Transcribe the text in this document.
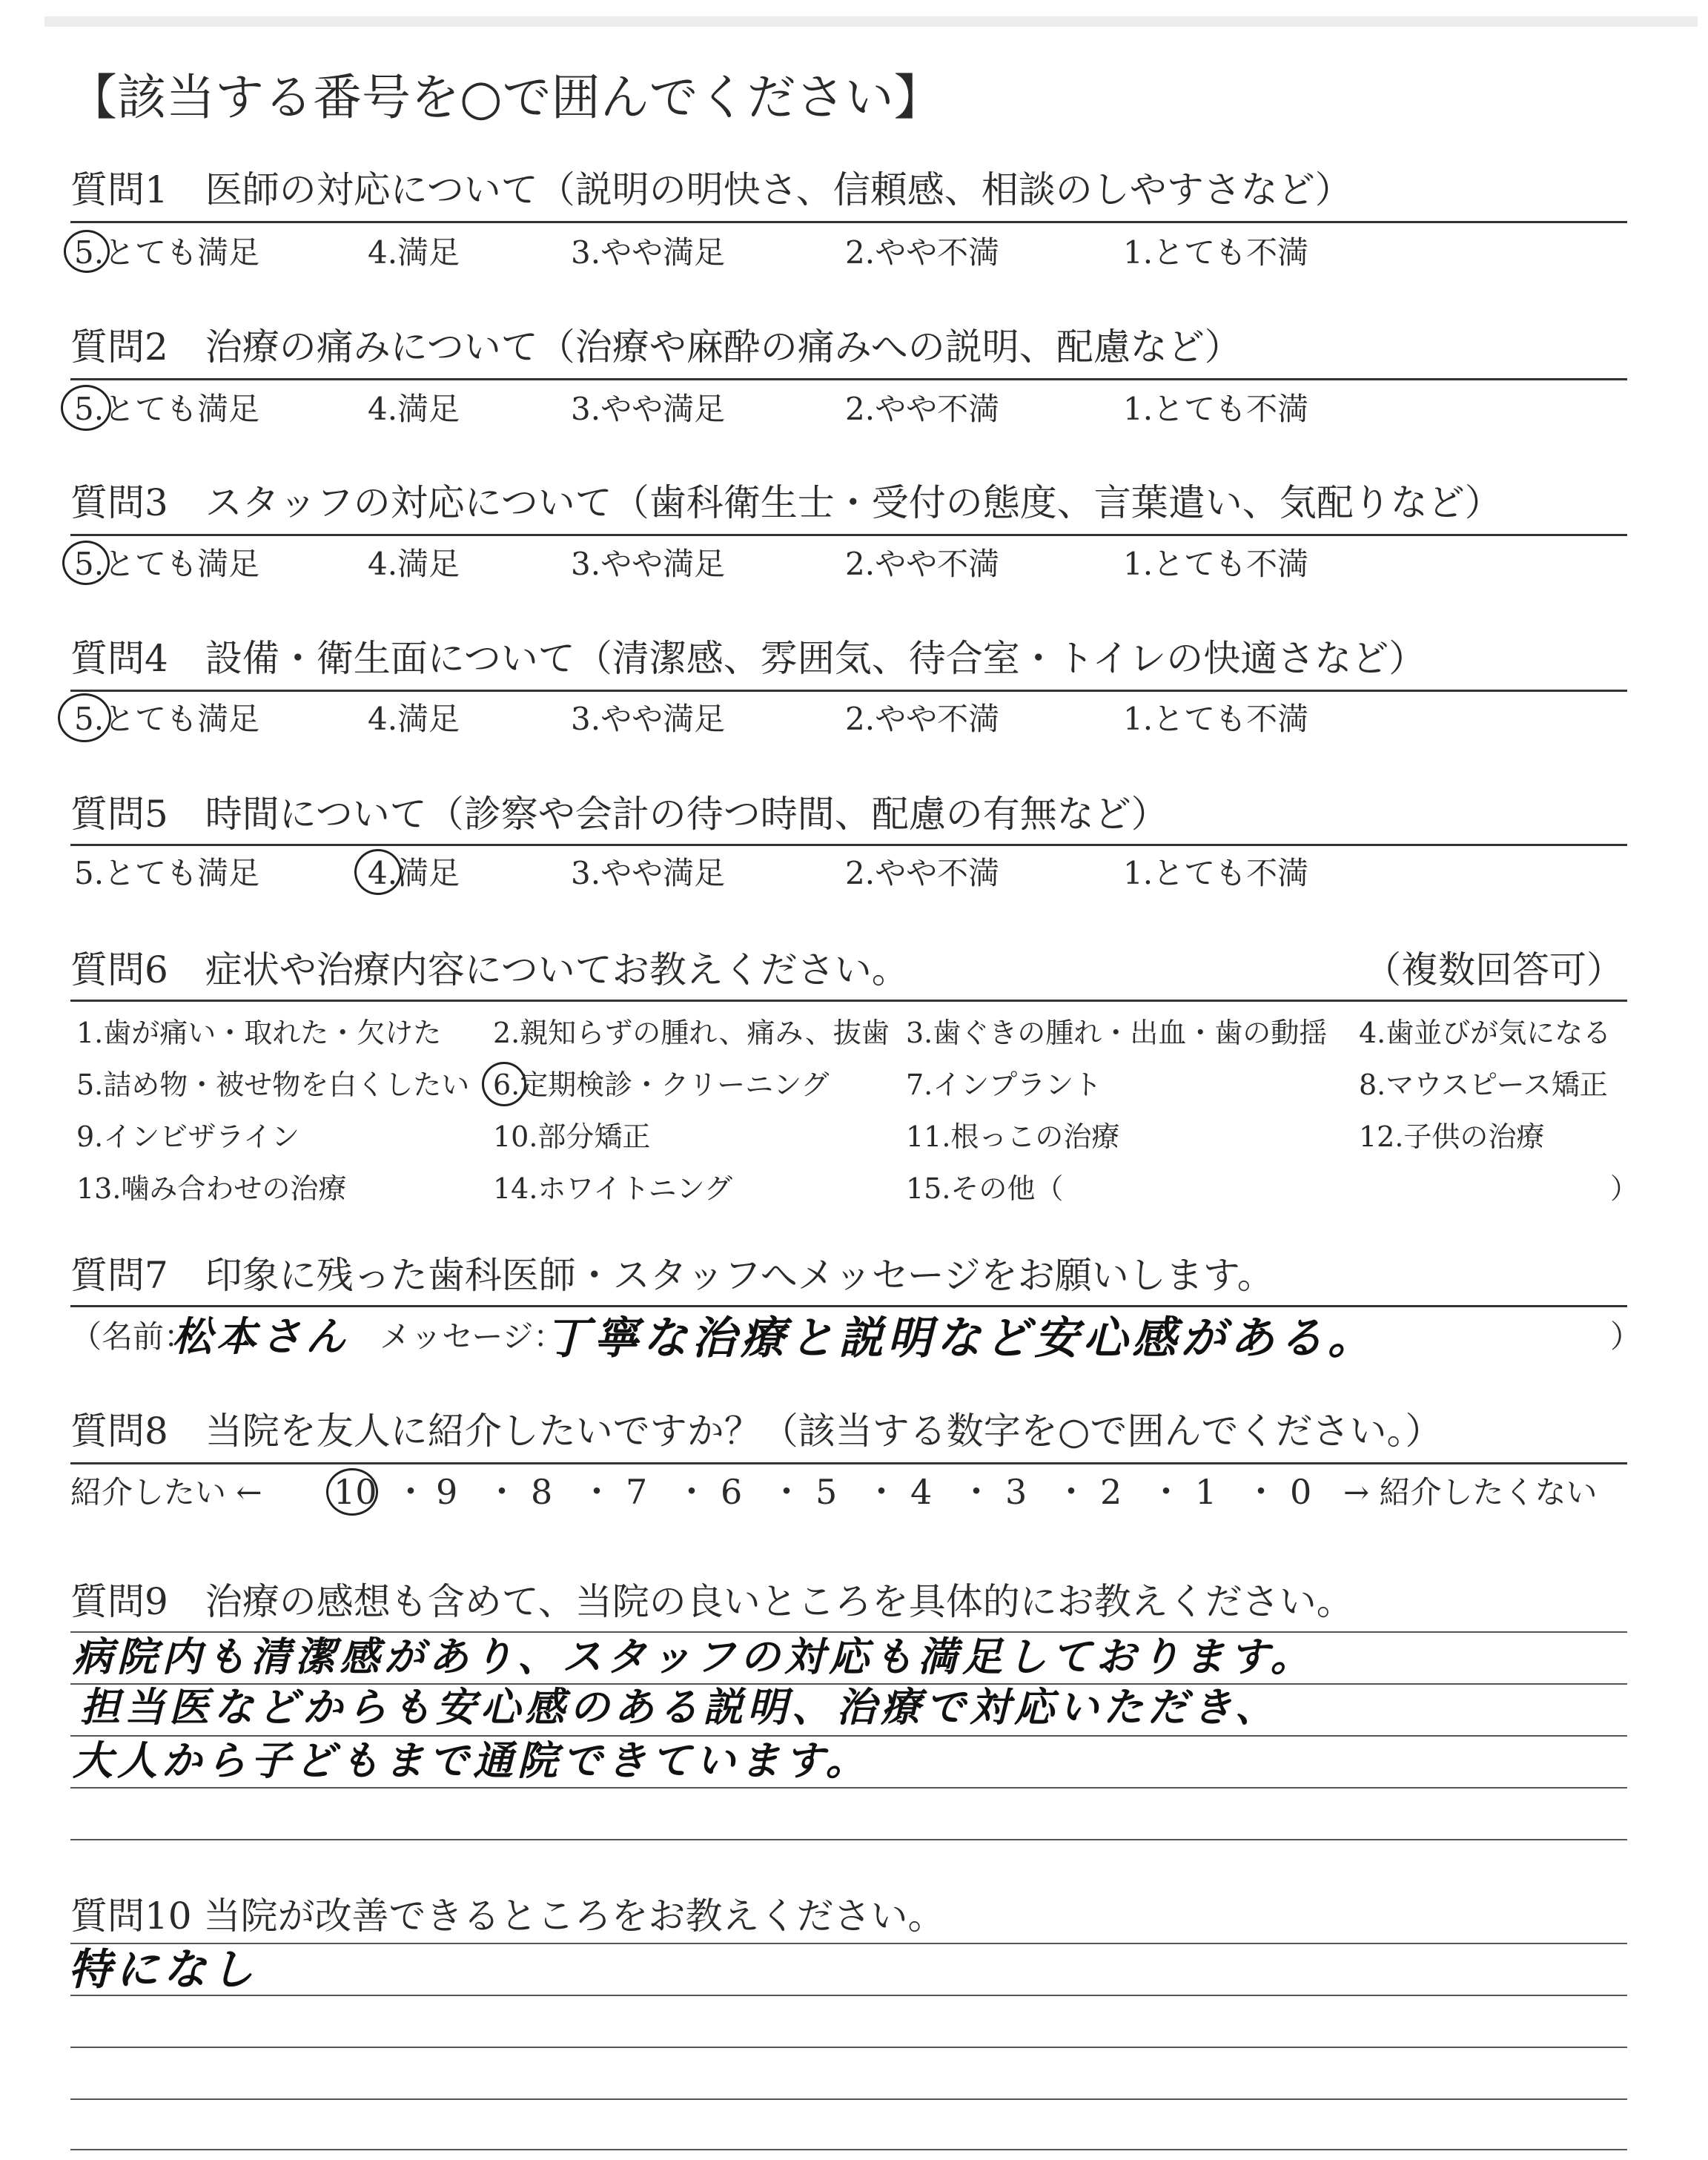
【該当する番号を○で囲んでください】
質問1　医師の対応について（説明の明快さ、信頼感、相談のしやすさなど）
5.とても満足	4.満足	3.やや満足	2.やや不満	1.とても不満
質問2　治療の痛みについて（治療や麻酔の痛みへの説明、配慮など）
5.とても満足	4.満足	3.やや満足	2.やや不満	1.とても不満
質問3　スタッフの対応について（歯科衛生士・受付の態度、言葉遣い、気配りなど）
5.とても満足	4.満足	3.やや満足	2.やや不満	1.とても不満
質問4　設備・衛生面について（清潔感、雰囲気、待合室・トイレの快適さなど）
5.とても満足	4.満足	3.やや満足	2.やや不満	1.とても不満
質問5　時間について（診察や会計の待つ時間、配慮の有無など）
5.とても満足	4.満足	3.やや満足	2.やや不満	1.とても不満
質問6　症状や治療内容についてお教えください。	（複数回答可）
1.歯が痛い・取れた・欠けた 2.親知らずの腫れ、痛み、抜歯 3.歯ぐきの腫れ・出血・歯の動揺 4.歯並びが気になる
5.詰め物・被せ物を白くしたい 6.定期検診・クリーニング	7.インプラント	8.マウスピース矯正
9.インビザライン	10.部分矯正	11.根っこの治療	12.子供の治療
13.噛み合わせの治療	14.ホワイトニング	15.その他（	）
質問7　印象に残った歯科医師・スタッフへメッセージをお願いします。
（名前：
松本さん メッセージ：
丁寧な治療と説明など安心感がある。	）
質問8　当院を友人に紹介したいですか？（該当する数字を○で囲んでください。）
紹介したい ← 10 ・ 9 ・ 8 ・ 7 ・ 6 ・ 5 ・ 4 ・ 3 ・ 2 ・ 1 ・ 0 → 紹介したくない
質問9　治療の感想も含めて、当院の良いところを具体的にお教えください。
病院内も清潔感があり、スタッフの対応も満足しております。
担当医などからも安心感のある説明、治療で対応いただき、
大人から子どもまで通院できています。
質問10 当院が改善できるところをお教えください。
特になし
